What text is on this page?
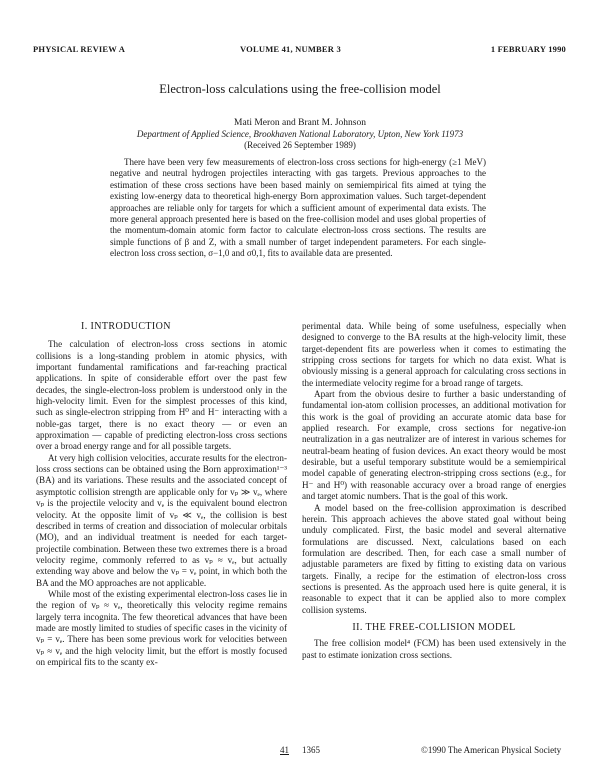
PHYSICAL REVIEW A	VOLUME 41, NUMBER 3	1 FEBRUARY 1990
Electron-loss calculations using the free-collision model
Mati Meron and Brant M. Johnson
Department of Applied Science, Brookhaven National Laboratory, Upton, New York 11973
(Received 26 September 1989)

There have been very few measurements of electron-loss cross sections for high-energy (≥1 MeV) negative and neutral hydrogen projectiles interacting with gas targets. Previous approaches to the estimation of these cross sections have been based mainly on semiempirical fits aimed at tying the existing low-energy data to theoretical high-energy Born approximation values. Such target-dependent approaches are reliable only for targets for which a sufficient amount of experimental data exists. The more general approach presented here is based on the free-collision model and uses global properties of the momentum-domain atomic form factor to calculate electron-loss cross sections. The results are simple functions of β and Z, with a small number of target independent parameters. For each single-electron loss cross section, σ−1,0 and σ0,1, fits to available data are presented.

I. INTRODUCTION

The calculation of electron-loss cross sections in atomic collisions is a long-standing problem in atomic physics, with important fundamental ramifications and far-reaching practical applications. In spite of considerable effort over the past few decades, the single-electron-loss problem is understood only in the high-velocity limit. Even for the simplest processes of this kind, such as single-electron stripping from H⁰ and H⁻ interacting with a noble-gas target, there is no exact theory — or even an approximation — capable of predicting electron-loss cross sections over a broad energy range and for all possible targets.

At very high collision velocities, accurate results for the electron-loss cross sections can be obtained using the Born approximation¹⁻³ (BA) and its variations. These results and the associated concept of asymptotic collision strength are applicable only for vₚ ≫ vₑ, where vₚ is the projectile velocity and vₑ is the equivalent bound electron velocity. At the opposite limit of vₚ ≪ vₑ, the collision is best described in terms of creation and dissociation of molecular orbitals (MO), and an individual treatment is needed for each target-projectile combination. Between these two extremes there is a broad velocity regime, commonly referred to as vₚ ≈ vₑ, but actually extending way above and below the vₚ = vₑ point, in which both the BA and the MO approaches are not applicable.

While most of the existing experimental electron-loss cases lie in the region of vₚ ≈ vₑ, theoretically this velocity regime remains largely terra incognita. The few theoretical advances that have been made are mostly limited to studies of specific cases in the vicinity of vₚ = vₑ. There has been some previous work for velocities between vₚ ≈ vₑ and the high velocity limit, but the effort is mostly focused on empirical fits to the scanty ex-

perimental data. While being of some usefulness, especially when designed to converge to the BA results at the high-velocity limit, these target-dependent fits are powerless when it comes to estimating the stripping cross sections for targets for which no data exist. What is obviously missing is a general approach for calculating cross sections in the intermediate velocity regime for a broad range of targets.

Apart from the obvious desire to further a basic understanding of fundamental ion-atom collision processes, an additional motivation for this work is the goal of providing an accurate atomic data base for applied research. For example, cross sections for negative-ion neutralization in a gas neutralizer are of interest in various schemes for neutral-beam heating of fusion devices. An exact theory would be most desirable, but a useful temporary substitute would be a semiempirical model capable of generating electron-stripping cross sections (e.g., for H⁻ and H⁰) with reasonable accuracy over a broad range of energies and target atomic numbers. That is the goal of this work.

A model based on the free-collision approximation is described herein. This approach achieves the above stated goal without being unduly complicated. First, the basic model and several alternative formulations are discussed. Next, calculations based on each formulation are described. Then, for each case a small number of adjustable parameters are fixed by fitting to existing data on various targets. Finally, a recipe for the estimation of electron-loss cross sections is presented. As the approach used here is quite general, it is reasonable to expect that it can be applied also to more complex collision systems.

II. THE FREE-COLLISION MODEL

The free collision model⁴ (FCM) has been used extensively in the past to estimate ionization cross sections.

41 1365	©1990 The American Physical Society
